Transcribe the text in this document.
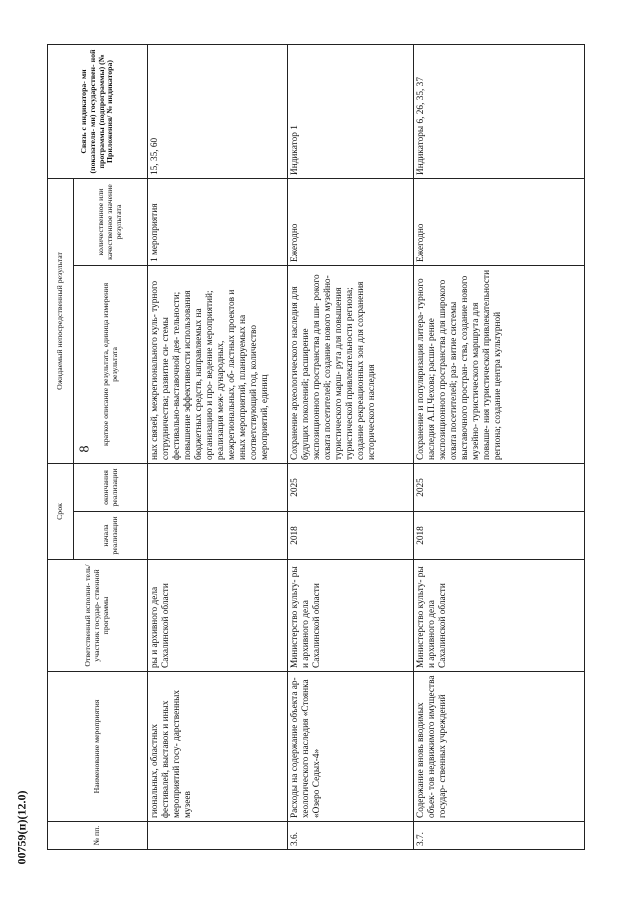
8
00759(п)(12.0)	№ пп.	Наименование мероприятия	Ответственный исполни- тель/участник государ- ственной программы	Срок		Ожидаемый непосредственный результат		Связь с индикатора- ми (показателя- ми) государствен- ной программы (подпрограммы) (№ Приложения/ № индикатора)
			начала реализации	окончания реализации	краткое описание результата, единица измерения результата	количественное или качественное значение результата	
	гиональных, областных фестивалей, выставок и иных мероприятий госу- дарственных музеев	ры и архивного дела Сахалинской области			ных связей, межрегионального куль- турного сотрудничества; развитие си- стемы фестивально-выставочной дея- тельности; повышение эффективности использования бюджетных средств, направляемых на организацию и про- ведение мероприятий; реализация меж- дународных, межрегиональных, об- ластных проектов и иных мероприятий, планируемых на соответствующий год, количество мероприятий, единиц	1 мероприятия	15, 35, 60
3.6.	Расходы на содержание объекта ар- хеологического наследия «Стоянка «Озеро Седых-4»	Министерство культу- ры и архивного дела Сахалинской области	2018	2025	Сохранение археологического наследия для будущих поколений; расширение экспозиционного пространства для ши- рокого охвата посетителей; создание нового музейно-туристического марш- рута для повышения туристической привлекательности региона; создание рекреационных зон для сохранения исторического наследия	Ежегодно	Индикатор 1
3.7.	Содержание вновь вводимых объек- тов недвижимого имущества государ- ственных учреждений	Министерство культу- ры и архивного дела Сахалинской области	2018	2025	Сохранение и популяризация литера- турного наследия А.П.Чехова; расши- рение экспозиционного пространства для широкого охвата посетителей; раз- витие системы выставочного простран- ства, создание нового музейно- туристического маршрута для повыше- ния туристической привлекательности региона; создание центра культурной	Ежегодно	Индикаторы 6, 26, 35, 37
